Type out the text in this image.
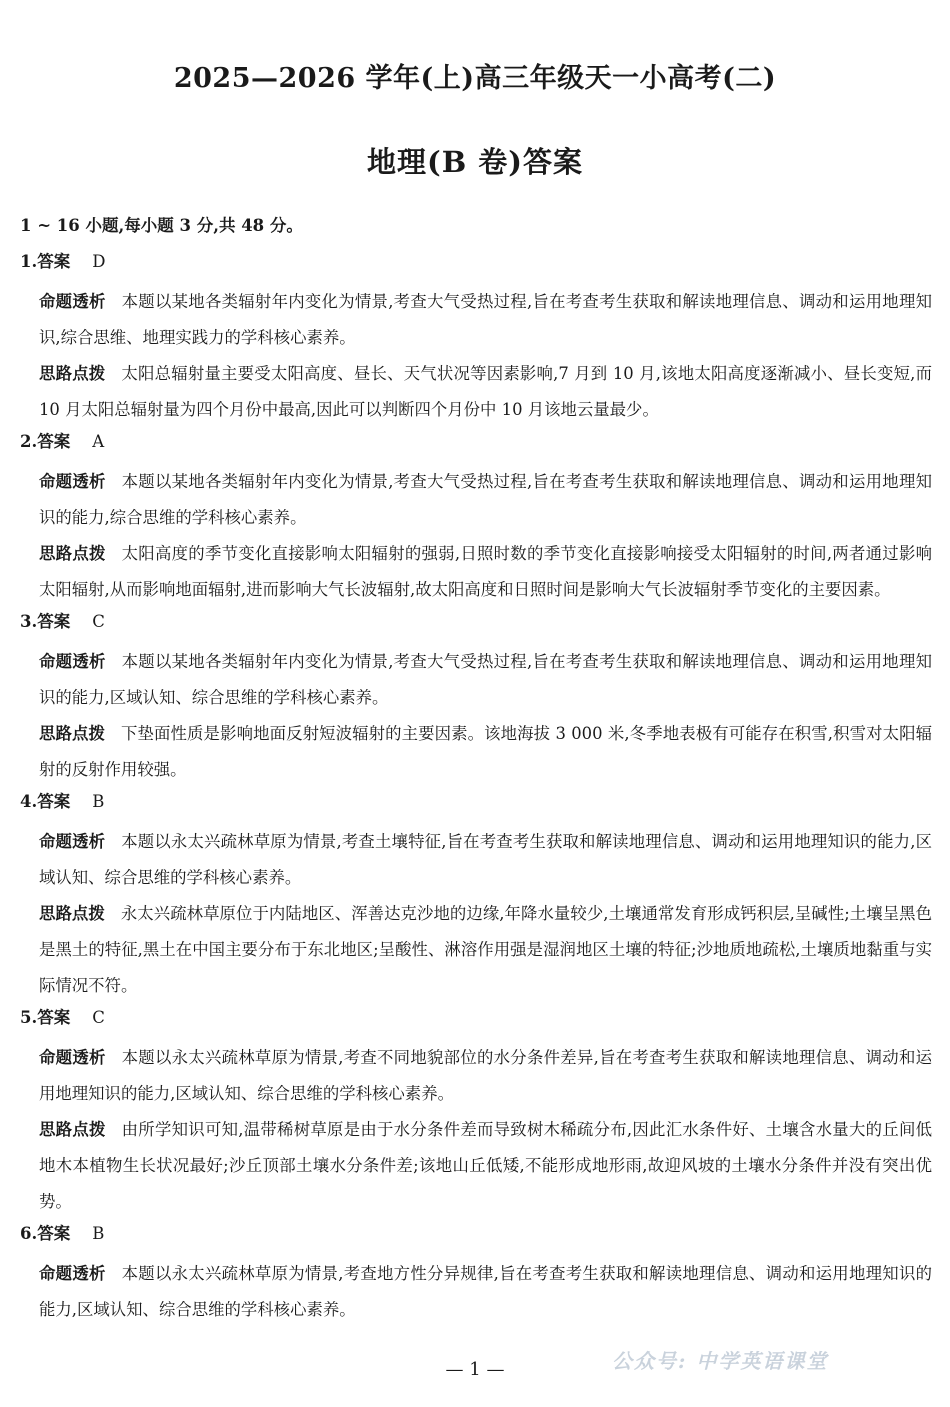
2025—2026 学年(上)高三年级天一小高考(二)
地理(B 卷)答案
1 ~ 16 小题,每小题 3 分,共 48 分。
1.答案 D
命题透析 本题以某地各类辐射年内变化为情景,考查大气受热过程,旨在考查考生获取和解读地理信息、调动和运用地理知识,综合思维、地理实践力的学科核心素养。
思路点拨 太阳总辐射量主要受太阳高度、昼长、天气状况等因素影响,7 月到 10 月,该地太阳高度逐渐减小、昼长变短,而 10 月太阳总辐射量为四个月份中最高,因此可以判断四个月份中 10 月该地云量最少。
2.答案 A
命题透析 本题以某地各类辐射年内变化为情景,考查大气受热过程,旨在考查考生获取和解读地理信息、调动和运用地理知识的能力,综合思维的学科核心素养。
思路点拨 太阳高度的季节变化直接影响太阳辐射的强弱,日照时数的季节变化直接影响接受太阳辐射的时间,两者通过影响太阳辐射,从而影响地面辐射,进而影响大气长波辐射,故太阳高度和日照时间是影响大气长波辐射季节变化的主要因素。
3.答案 C
命题透析 本题以某地各类辐射年内变化为情景,考查大气受热过程,旨在考查考生获取和解读地理信息、调动和运用地理知识的能力,区域认知、综合思维的学科核心素养。
思路点拨 下垫面性质是影响地面反射短波辐射的主要因素。该地海拔 3 000 米,冬季地表极有可能存在积雪,积雪对太阳辐射的反射作用较强。
4.答案 B
命题透析 本题以永太兴疏林草原为情景,考查土壤特征,旨在考查考生获取和解读地理信息、调动和运用地理知识的能力,区域认知、综合思维的学科核心素养。
思路点拨 永太兴疏林草原位于内陆地区、浑善达克沙地的边缘,年降水量较少,土壤通常发育形成钙积层,呈碱性;土壤呈黑色是黑土的特征,黑土在中国主要分布于东北地区;呈酸性、淋溶作用强是湿润地区土壤的特征;沙地质地疏松,土壤质地黏重与实际情况不符。
5.答案 C
命题透析 本题以永太兴疏林草原为情景,考查不同地貌部位的水分条件差异,旨在考查考生获取和解读地理信息、调动和运用地理知识的能力,区域认知、综合思维的学科核心素养。
思路点拨 由所学知识可知,温带稀树草原是由于水分条件差而导致树木稀疏分布,因此汇水条件好、土壤含水量大的丘间低地木本植物生长状况最好;沙丘顶部土壤水分条件差;该地山丘低矮,不能形成地形雨,故迎风坡的土壤水分条件并没有突出优势。
6.答案 B
命题透析 本题以永太兴疏林草原为情景,考查地方性分异规律,旨在考查考生获取和解读地理信息、调动和运用地理知识的能力,区域认知、综合思维的学科核心素养。
— 1 —	公众号: 中学英语课堂
